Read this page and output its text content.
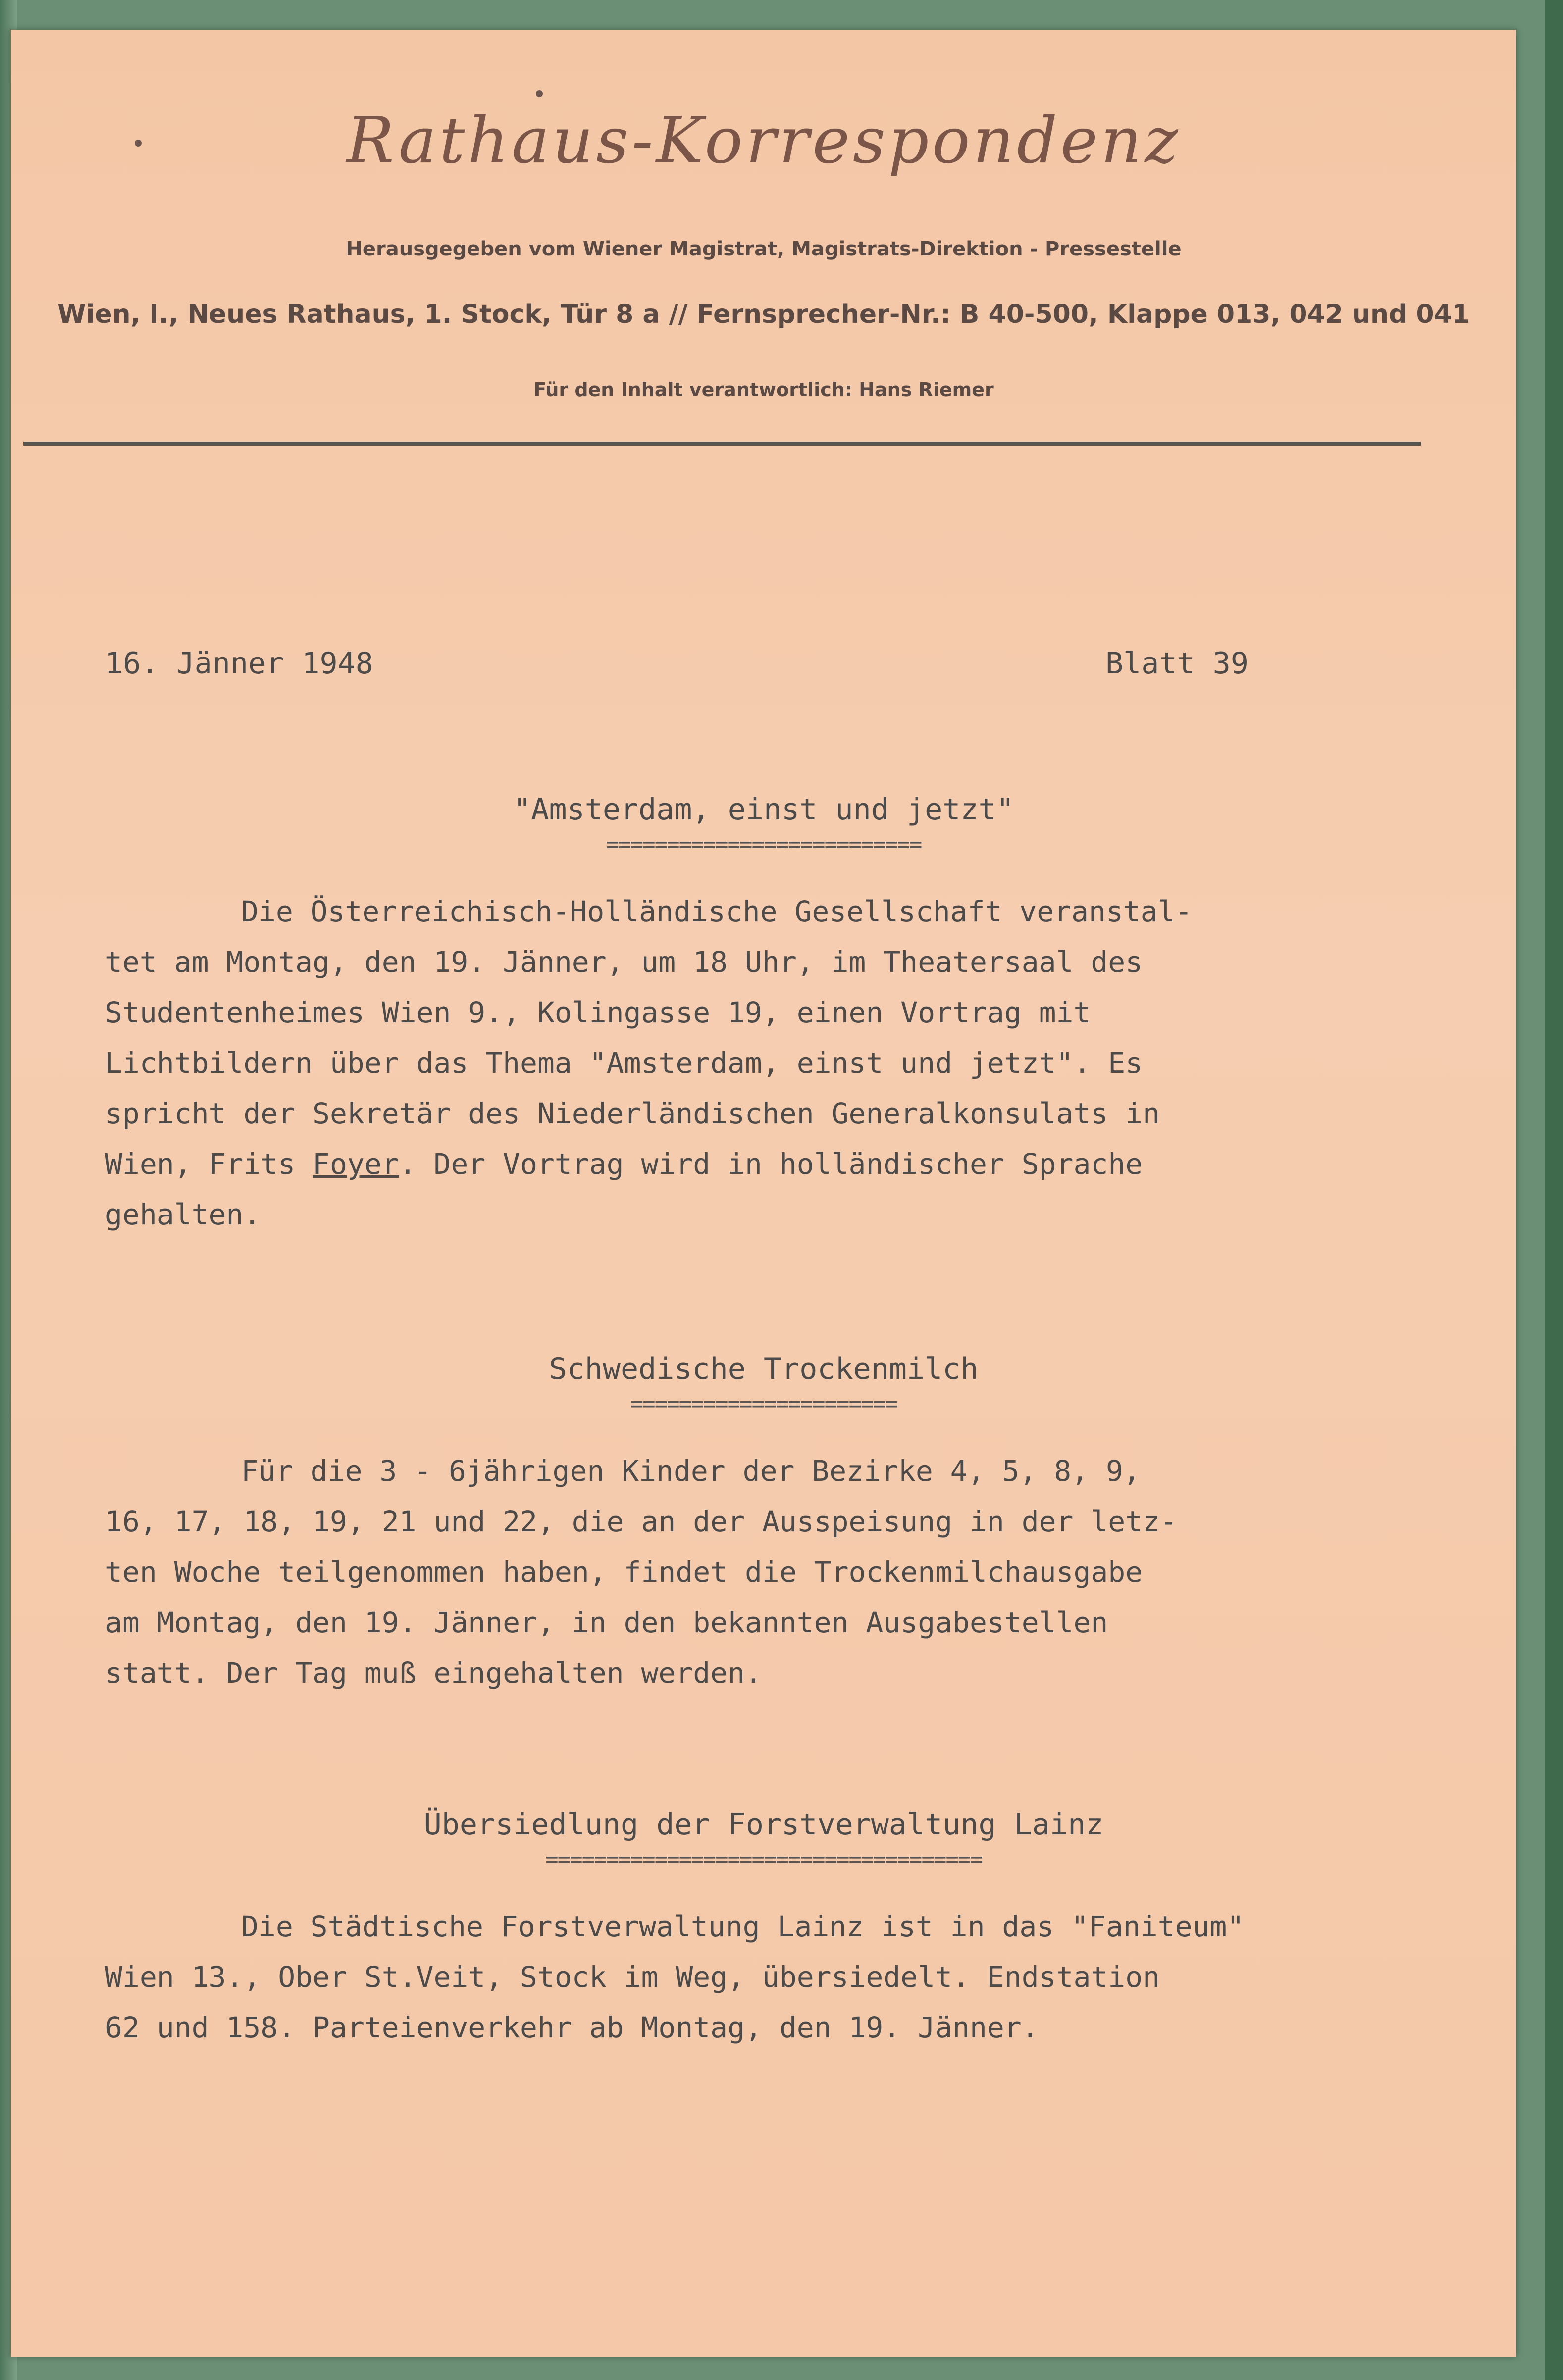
Rathaus-Korrespondenz
Herausgegeben vom Wiener Magistrat, Magistrats-Direktion - Pressestelle
Wien, I., Neues Rathaus, 1. Stock, Tür 8 a // Fernsprecher-Nr.: B 40-500, Klappe 013, 042 und 041
Für den Inhalt verantwortlich: Hans Riemer
16. Jänner 1948	Blatt 39
"Amsterdam, einst und jetzt"
==========================
Die Österreichisch-Holländische Gesellschaft veranstal-
tet am Montag, den 19. Jänner, um 18 Uhr, im Theatersaal des
Studentenheimes Wien 9., Kolingasse 19, einen Vortrag mit
Lichtbildern über das Thema "Amsterdam, einst und jetzt". Es
spricht der Sekretär des Niederländischen Generalkonsulats in
Wien, Frits Foyer. Der Vortrag wird in holländischer Sprache
gehalten.
Schwedische Trockenmilch
======================
Für die 3 - 6jährigen Kinder der Bezirke 4, 5, 8, 9,
16, 17, 18, 19, 21 und 22, die an der Ausspeisung in der letz-
ten Woche teilgenommen haben, findet die Trockenmilchausgabe
am Montag, den 19. Jänner, in den bekannten Ausgabestellen
statt. Der Tag muß eingehalten werden.
Übersiedlung der Forstverwaltung Lainz
====================================
Die Städtische Forstverwaltung Lainz ist in das "Faniteum"
Wien 13., Ober St.Veit, Stock im Weg, übersiedelt. Endstation
62 und 158. Parteienverkehr ab Montag, den 19. Jänner.
